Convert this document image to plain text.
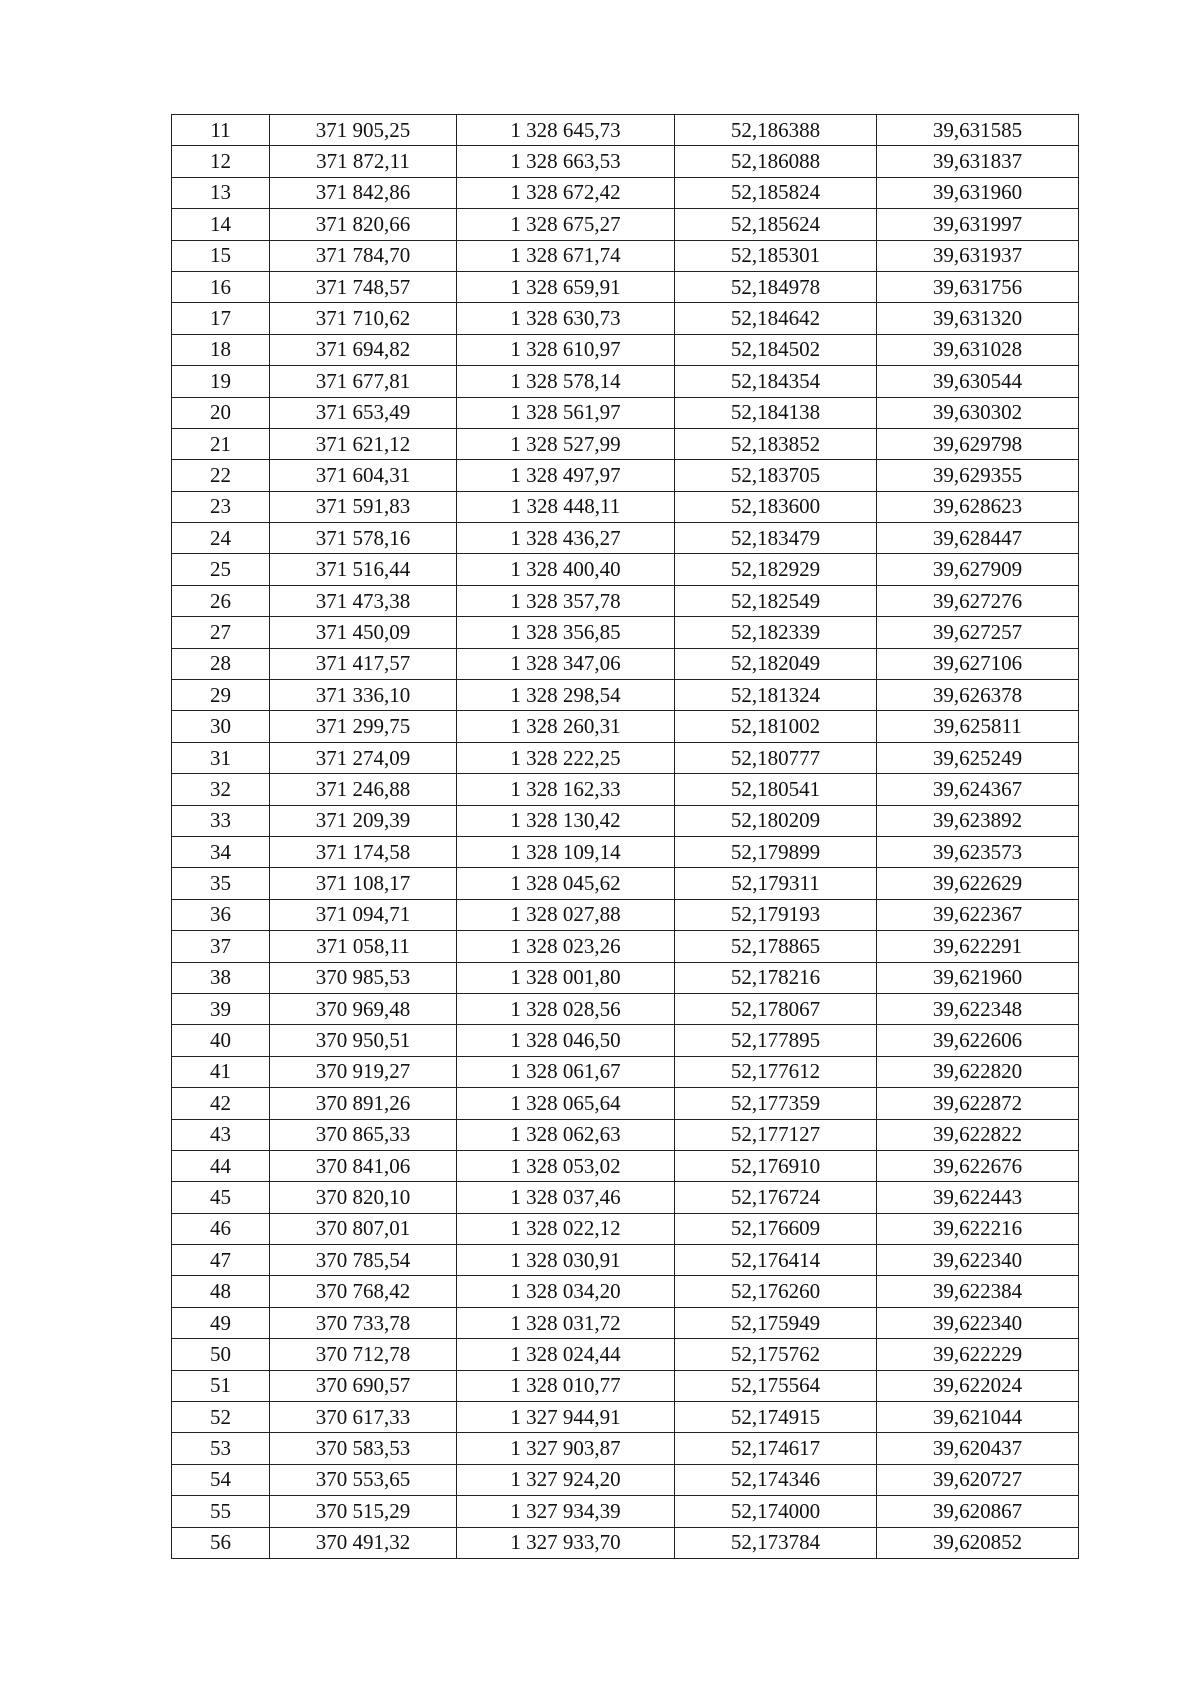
11	371 905,25	1 328 645,73	52,186388	39,631585
12	371 872,11	1 328 663,53	52,186088	39,631837
13	371 842,86	1 328 672,42	52,185824	39,631960
14	371 820,66	1 328 675,27	52,185624	39,631997
15	371 784,70	1 328 671,74	52,185301	39,631937
16	371 748,57	1 328 659,91	52,184978	39,631756
17	371 710,62	1 328 630,73	52,184642	39,631320
18	371 694,82	1 328 610,97	52,184502	39,631028
19	371 677,81	1 328 578,14	52,184354	39,630544
20	371 653,49	1 328 561,97	52,184138	39,630302
21	371 621,12	1 328 527,99	52,183852	39,629798
22	371 604,31	1 328 497,97	52,183705	39,629355
23	371 591,83	1 328 448,11	52,183600	39,628623
24	371 578,16	1 328 436,27	52,183479	39,628447
25	371 516,44	1 328 400,40	52,182929	39,627909
26	371 473,38	1 328 357,78	52,182549	39,627276
27	371 450,09	1 328 356,85	52,182339	39,627257
28	371 417,57	1 328 347,06	52,182049	39,627106
29	371 336,10	1 328 298,54	52,181324	39,626378
30	371 299,75	1 328 260,31	52,181002	39,625811
31	371 274,09	1 328 222,25	52,180777	39,625249
32	371 246,88	1 328 162,33	52,180541	39,624367
33	371 209,39	1 328 130,42	52,180209	39,623892
34	371 174,58	1 328 109,14	52,179899	39,623573
35	371 108,17	1 328 045,62	52,179311	39,622629
36	371 094,71	1 328 027,88	52,179193	39,622367
37	371 058,11	1 328 023,26	52,178865	39,622291
38	370 985,53	1 328 001,80	52,178216	39,621960
39	370 969,48	1 328 028,56	52,178067	39,622348
40	370 950,51	1 328 046,50	52,177895	39,622606
41	370 919,27	1 328 061,67	52,177612	39,622820
42	370 891,26	1 328 065,64	52,177359	39,622872
43	370 865,33	1 328 062,63	52,177127	39,622822
44	370 841,06	1 328 053,02	52,176910	39,622676
45	370 820,10	1 328 037,46	52,176724	39,622443
46	370 807,01	1 328 022,12	52,176609	39,622216
47	370 785,54	1 328 030,91	52,176414	39,622340
48	370 768,42	1 328 034,20	52,176260	39,622384
49	370 733,78	1 328 031,72	52,175949	39,622340
50	370 712,78	1 328 024,44	52,175762	39,622229
51	370 690,57	1 328 010,77	52,175564	39,622024
52	370 617,33	1 327 944,91	52,174915	39,621044
53	370 583,53	1 327 903,87	52,174617	39,620437
54	370 553,65	1 327 924,20	52,174346	39,620727
55	370 515,29	1 327 934,39	52,174000	39,620867
56	370 491,32	1 327 933,70	52,173784	39,620852
